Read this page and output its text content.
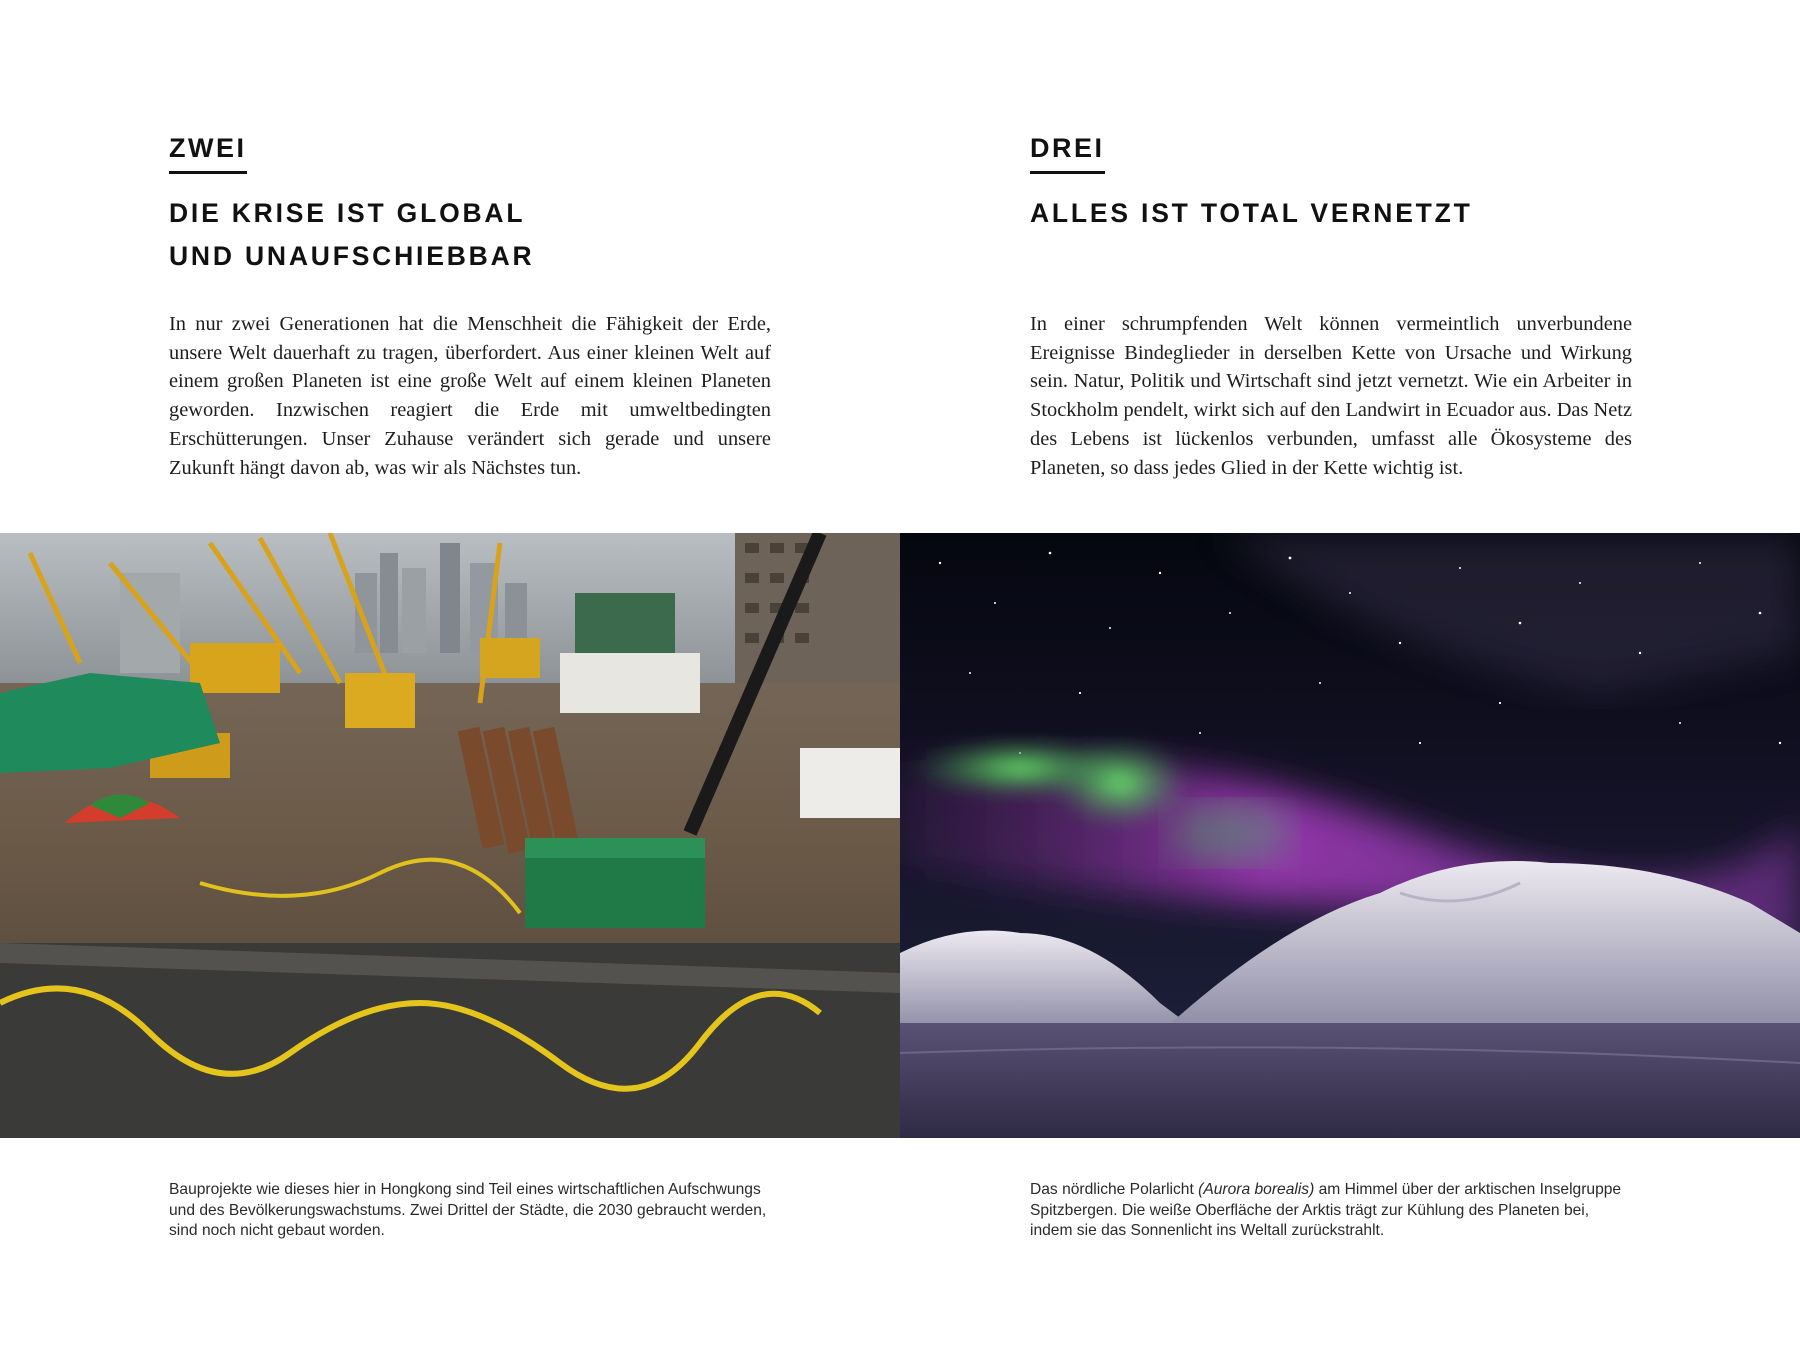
ZWEI
DIE KRISE IST GLOBAL
UND UNAUFSCHIEBBAR
In nur zwei Generationen hat die Menschheit die Fähigkeit der Erde, unsere Welt dauerhaft zu tragen, überfordert. Aus einer kleinen Welt auf einem großen Planeten ist eine große Welt auf einem kleinen Planeten geworden. Inzwischen reagiert die Erde mit umweltbedingten Erschütterungen. Unser Zuhause verändert sich gerade und unsere Zukunft hängt davon ab, was wir als Nächstes tun.
Bauprojekte wie dieses hier in Hongkong sind Teil eines wirtschaftlichen Aufschwungs und des Bevölkerungswachstums. Zwei Drittel der Städte, die 2030 gebraucht werden, sind noch nicht gebaut worden.
DREI
ALLES IST TOTAL VERNETZT
In einer schrumpfenden Welt können vermeintlich unverbundene Ereignisse Bindeglieder in derselben Kette von Ursache und Wirkung sein. Natur, Politik und Wirtschaft sind jetzt vernetzt. Wie ein Arbeiter in Stockholm pendelt, wirkt sich auf den Landwirt in Ecuador aus. Das Netz des Lebens ist lückenlos verbunden, umfasst alle Ökosysteme des Planeten, so dass jedes Glied in der Kette wichtig ist.
Das nördliche Polarlicht (Aurora borealis) am Himmel über der arktischen Inselgruppe Spitzbergen. Die weiße Oberfläche der Arktis trägt zur Kühlung des Planeten bei, indem sie das Sonnenlicht ins Weltall zurückstrahlt.
